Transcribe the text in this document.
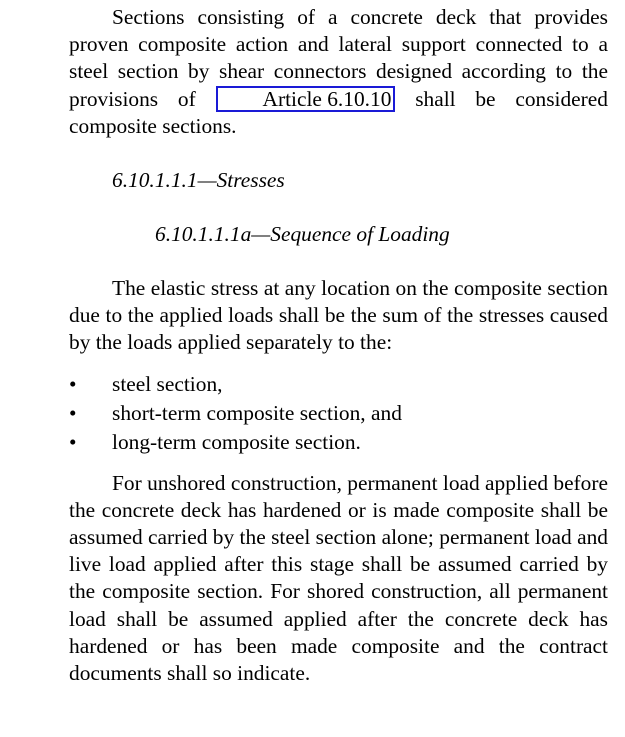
Sections consisting of a concrete deck that provides proven composite action and lateral support connected to a steel section by shear connectors designed according to the provisions of Article 6.10.10 shall be considered composite sections.

6.10.1.1.1—Stresses

6.10.1.1.1a—Sequence of Loading

The elastic stress at any location on the composite section due to the applied loads shall be the sum of the stresses caused by the loads applied separately to the:

• steel section,
• short-term composite section, and
• long-term composite section.

For unshored construction, permanent load applied before the concrete deck has hardened or is made composite shall be assumed carried by the steel section alone; permanent load and live load applied after this stage shall be assumed carried by the composite section. For shored construction, all permanent load shall be assumed applied after the concrete deck has hardened or has been made composite and the contract documents shall so indicate.
